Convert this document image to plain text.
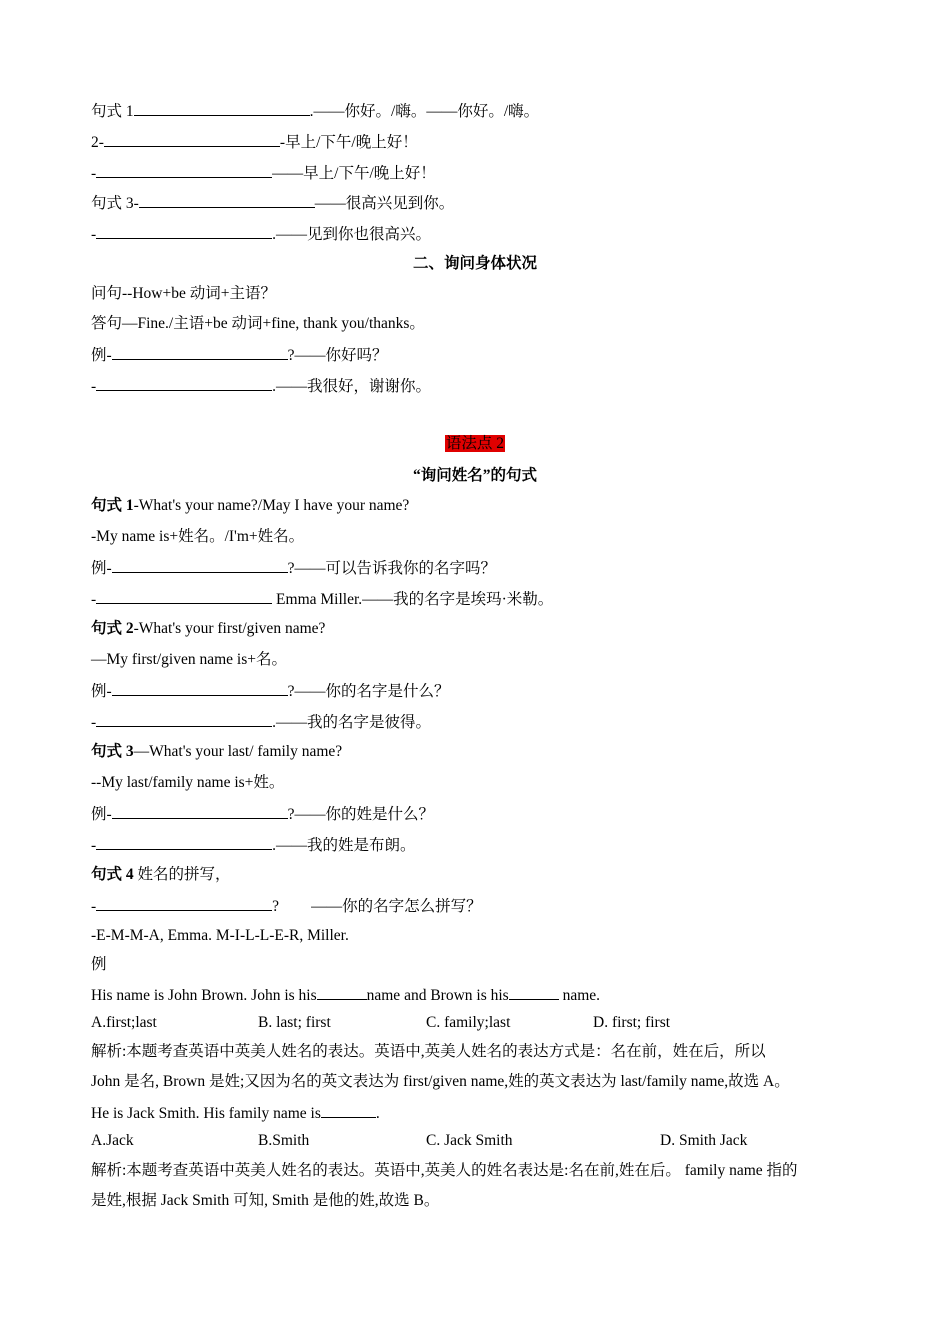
句式 1	.——你好。/嗨。——你好。/嗨。
2-	-早上/下午/晚上好！
-	——早上/下午/晚上好！
句式 3-	——很高兴见到你。
-	.——见到你也很高兴。
二、询问身体状况
问句--How+be 动词+主语？
答句—Fine./主语+be 动词+fine, thank you/thanks。
例-	?——你好吗？
-	.——我很好，谢谢你。
语法点 2
“询问姓名”的句式
句式 1-What's your name?/May I have your name?
-My name is+姓名。/I'm+姓名。
例-	?——可以告诉我你的名字吗？
-	Emma Miller.——我的名字是埃玛·米勒。
句式 2-What's your first/given name?
—My first/given name is+名。
例-	?——你的名字是什么？
-	.——我的名字是彼得。
句式 3—What's your last/ family name?
--My last/family name is+姓。
例-	?——你的姓是什么？
-	.——我的姓是布朗。
句式 4 姓名的拼写，
-	? ——你的名字怎么拼写？
-E-M-M-A, Emma. M-I-L-L-E-R, Miller.
例
His name is John Brown. John is his	name and Brown is his	name.
A.first;last	B. last; first	C. family;last	D. first; first
解析:本题考查英语中英美人姓名的表达。英语中,英美人姓名的表达方式是：名在前，姓在后，所以
John 是名, Brown 是姓;又因为名的英文表达为 first/given name,姓的英文表达为 last/family name,故选 A。
He is Jack Smith. His family name is	.
A.Jack	B.Smith	C. Jack Smith	D. Smith Jack
解析:本题考查英语中英美人姓名的表达。英语中,英美人的姓名表达是:名在前,姓在后。 family name 指的
是姓,根据 Jack Smith 可知, Smith 是他的姓,故选 B。
